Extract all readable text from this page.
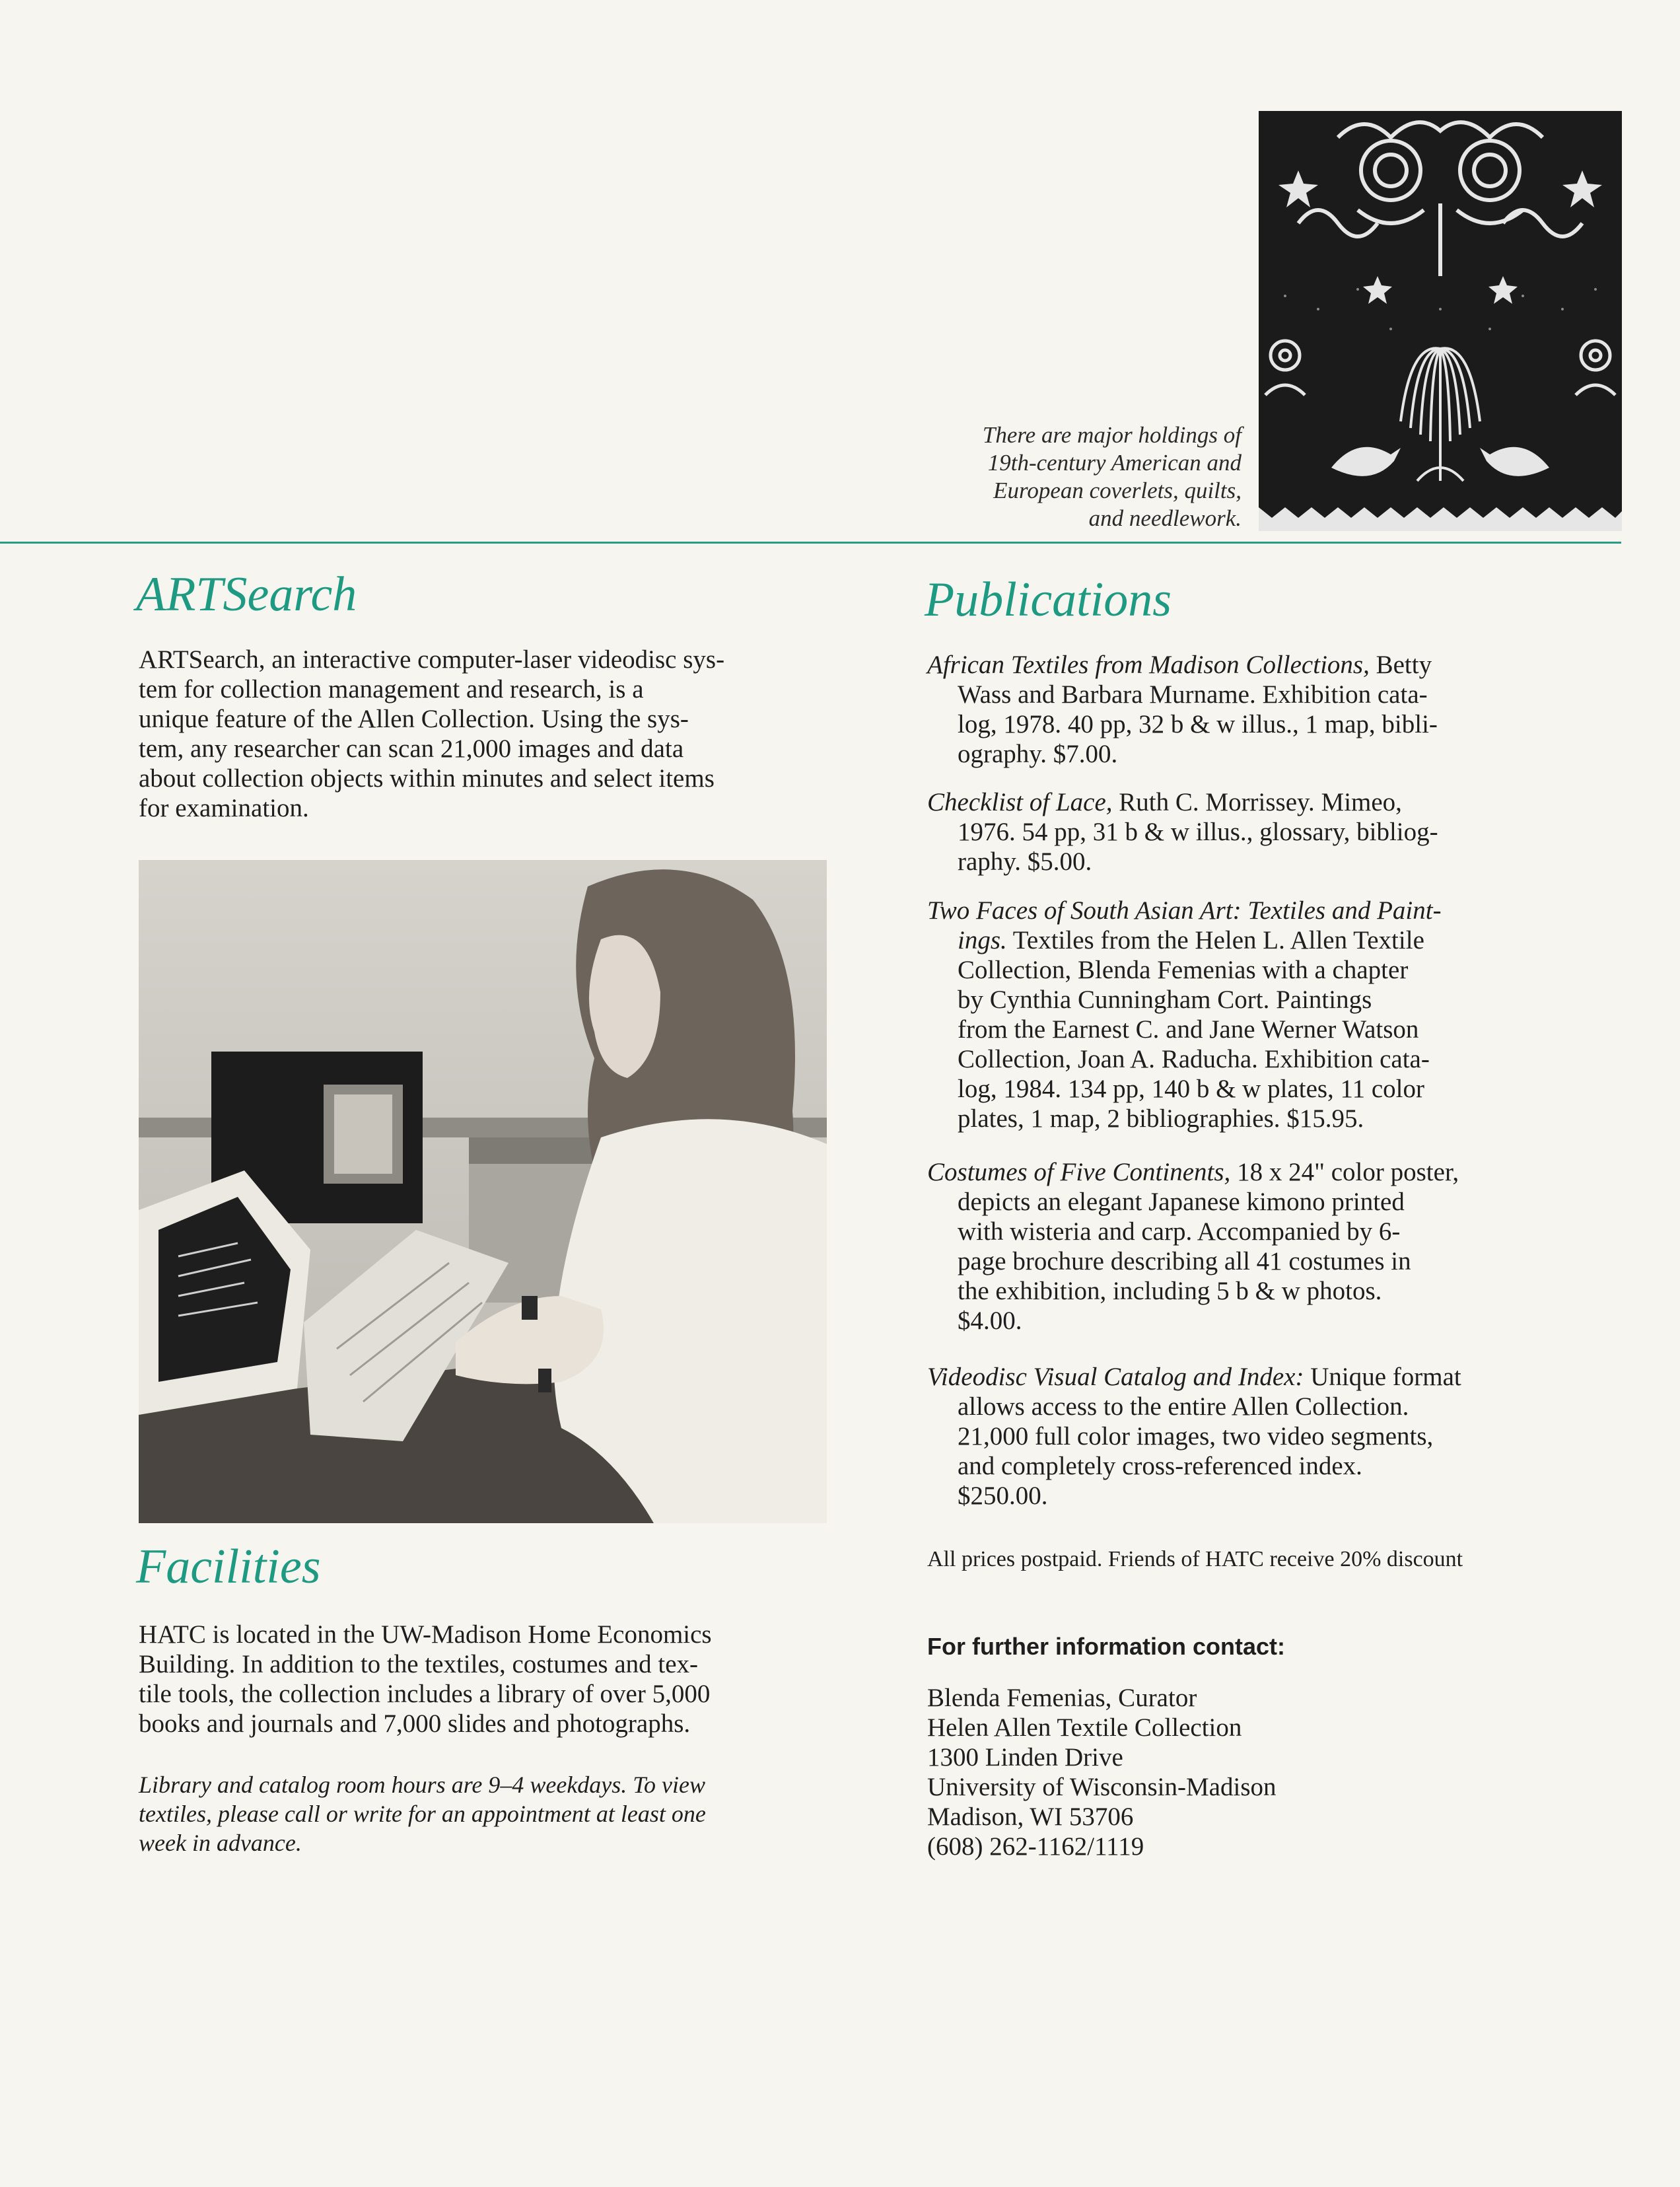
There are major holdings of
19th-century American and
European coverlets, quilts,
and needlework.
ARTSearch
ARTSearch, an interactive computer-laser videodisc sys-
tem for collection management and research, is a
unique feature of the Allen Collection. Using the sys-
tem, any researcher can scan 21,000 images and data
about collection objects within minutes and select items
for examination.
Facilities
HATC is located in the UW-Madison Home Economics
Building. In addition to the textiles, costumes and tex-
tile tools, the collection includes a library of over 5,000
books and journals and 7,000 slides and photographs.
Library and catalog room hours are 9–4 weekdays. To view
textiles, please call or write for an appointment at least one
week in advance.
Publications
African Textiles from Madison Collections, Betty
Wass and Barbara Murname. Exhibition cata-
log, 1978. 40 pp, 32 b & w illus., 1 map, bibli-
ography. $7.00.
Checklist of Lace, Ruth C. Morrissey. Mimeo,
1976. 54 pp, 31 b & w illus., glossary, bibliog-
raphy. $5.00.
Two Faces of South Asian Art: Textiles and Paint-
ings. Textiles from the Helen L. Allen Textile
Collection, Blenda Femenias with a chapter
by Cynthia Cunningham Cort. Paintings
from the Earnest C. and Jane Werner Watson
Collection, Joan A. Raducha. Exhibition cata-
log, 1984. 134 pp, 140 b & w plates, 11 color
plates, 1 map, 2 bibliographies. $15.95.
Costumes of Five Continents, 18 x 24" color poster,
depicts an elegant Japanese kimono printed
with wisteria and carp. Accompanied by 6-
page brochure describing all 41 costumes in
the exhibition, including 5 b & w photos.
$4.00.
Videodisc Visual Catalog and Index: Unique format
allows access to the entire Allen Collection.
21,000 full color images, two video segments,
and completely cross-referenced index.
$250.00.
All prices postpaid. Friends of HATC receive 20% discount
For further information contact:
Blenda Femenias, Curator
Helen Allen Textile Collection
1300 Linden Drive
University of Wisconsin-Madison
Madison, WI 53706
(608) 262-1162/1119
